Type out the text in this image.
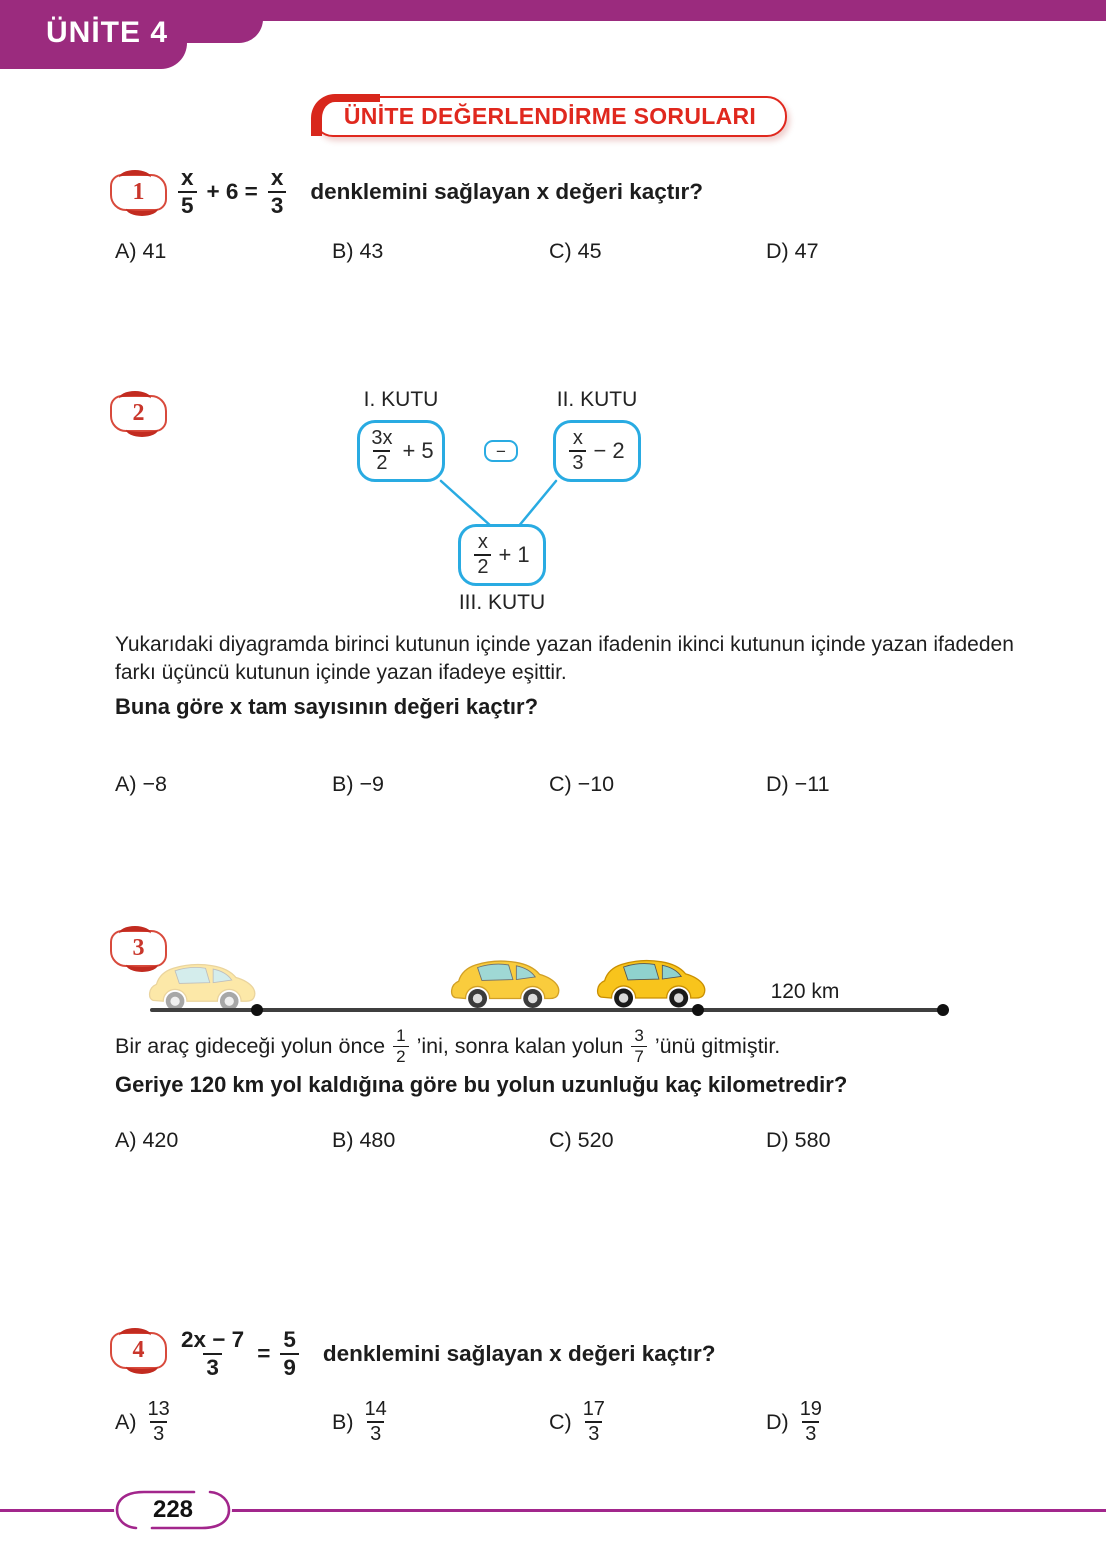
ÜNİTE 4
ÜNİTE DEĞERLENDİRME SORULARI
$1 \frac{x}{5} + 6 = \frac{x}{3}$ denklemini sağlayan x değeri kaçtır?
A) 41	B) 43	C) 45	D) 47
2
I. KUTU	II. KUTU
$\frac{3x}{2} + 5$	−	$\frac{x}{3} - 2$
$\frac{x}{2} + 1$
III. KUTU
Yukarıdaki diyagramda birinci kutunun içinde yazan ifadenin ikinci kutunun içinde yazan ifadeden farkı üçüncü kutunun içinde yazan ifadeye eşittir.
Buna göre x tam sayısının değeri kaçtır?
A) −8	B) −9	C) −10	D) −11
3
120 km
Bir araç gideceği yolun önce $\frac{1}{2}$ ’ini, sonra kalan yolun $\frac{3}{7}$ ’ünü gitmiştir.
Geriye 120 km yol kaldığına göre bu yolun uzunluğu kaç kilometredir?
A) 420	B) 480	C) 520	D) 580
$4 \frac{2x - 7}{3} = \frac{5}{9}$ denklemini sağlayan x değeri kaçtır?
$A) \frac{13}{3}$	$B) \frac{14}{3}$	$C) \frac{17}{3}$	$D) \frac{19}{3}$
228
